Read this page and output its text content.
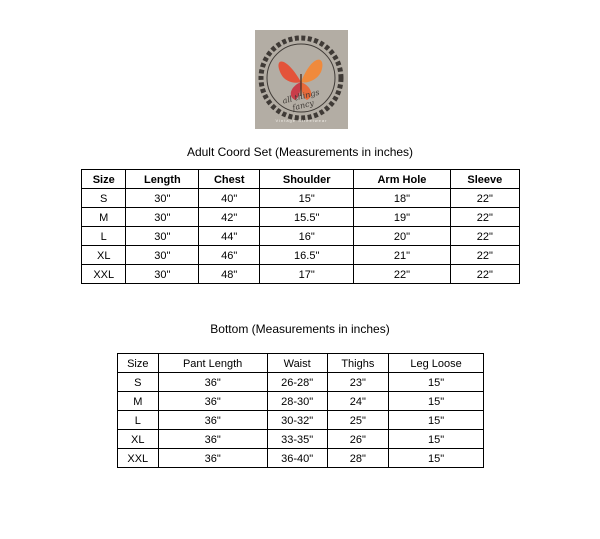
all things fancy
Vintage Streetwear
Adult Coord Set (Measurements in inches)
Size	Length	Chest	Shoulder	Arm Hole	Sleeve
S	30"	40"	15"	18"	22"
M	30"	42"	15.5"	19"	22"
L	30"	44"	16"	20"	22"
XL	30"	46"	16.5"	21"	22"
XXL	30"	48"	17"	22"	22"
Bottom (Measurements in inches)
Size	Pant Length	Waist	Thighs	Leg Loose
S	36"	26-28"	23"	15"
M	36"	28-30"	24"	15"
L	36"	30-32"	25"	15"
XL	36"	33-35"	26"	15"
XXL	36"	36-40"	28"	15"
